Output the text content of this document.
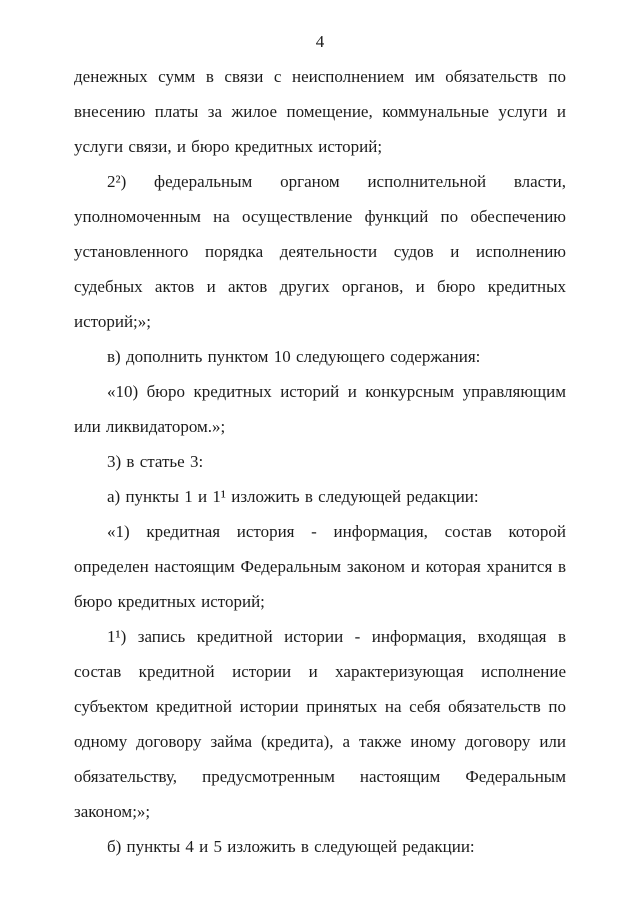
4

денежных сумм в связи с неисполнением им обязательств по внесению платы за жилое помещение, коммунальные услуги и услуги связи, и бюро кредитных историй;

2²) федеральным органом исполнительной власти, уполномоченным на осуществление функций по обеспечению установленного порядка деятельности судов и исполнению судебных актов и актов других органов, и бюро кредитных историй;»;

в) дополнить пунктом 10 следующего содержания:

«10) бюро кредитных историй и конкурсным управляющим или ликвидатором.»;

3) в статье 3:

а) пункты 1 и 1¹ изложить в следующей редакции:

«1) кредитная история - информация, состав которой определен настоящим Федеральным законом и которая хранится в бюро кредитных историй;

1¹) запись кредитной истории - информация, входящая в состав кредитной истории и характеризующая исполнение субъектом кредитной истории принятых на себя обязательств по одному договору займа (кредита), а также иному договору или обязательству, предусмотренным настоящим Федеральным законом;»;

б) пункты 4 и 5 изложить в следующей редакции:
